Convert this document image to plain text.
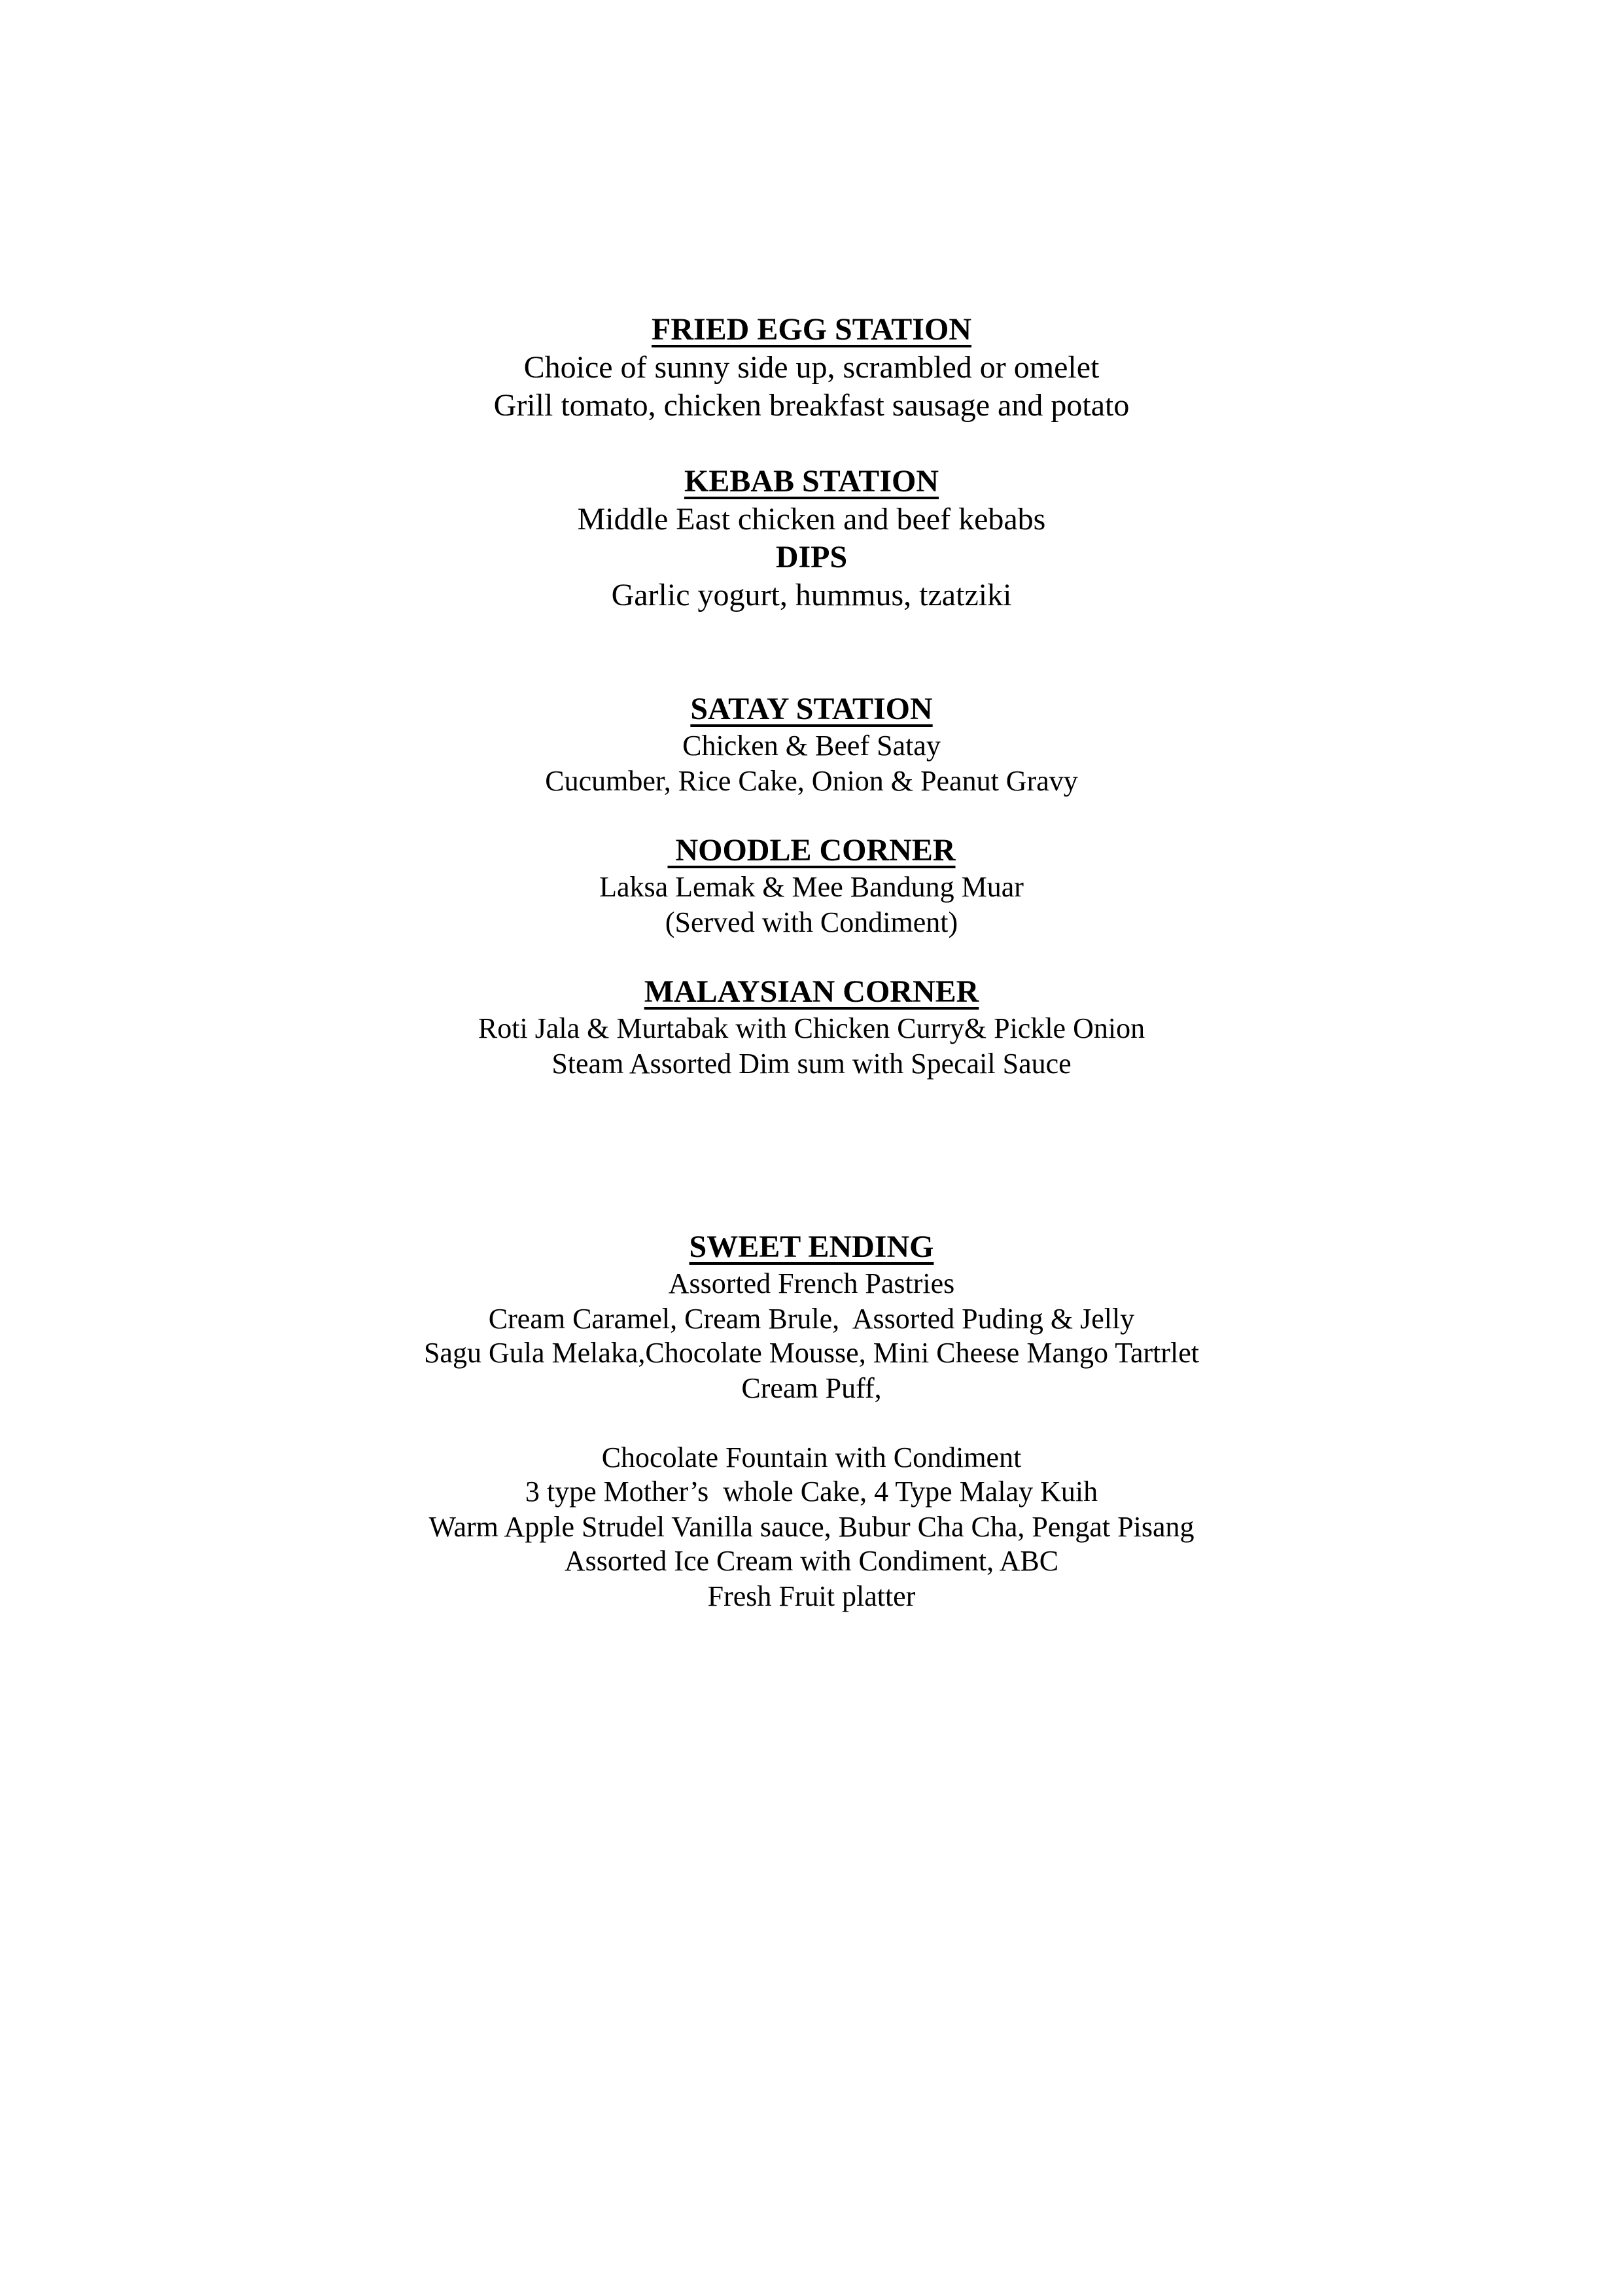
FRIED EGG STATION
Choice of sunny side up, scrambled or omelet
Grill tomato, chicken breakfast sausage and potato
KEBAB STATION
Middle East chicken and beef kebabs
DIPS
Garlic yogurt, hummus, tzatziki
SATAY STATION
Chicken & Beef Satay
Cucumber, Rice Cake, Onion & Peanut Gravy
NOODLE CORNER
Laksa Lemak & Mee Bandung Muar
(Served with Condiment)
MALAYSIAN CORNER
Roti Jala & Murtabak with Chicken Curry& Pickle Onion
Steam Assorted Dim sum with Specail Sauce
SWEET ENDING
Assorted French Pastries
Cream Caramel, Cream Brule,  Assorted Puding & Jelly
Sagu Gula Melaka,Chocolate Mousse, Mini Cheese Mango Tartrlet
Cream Puff,
Chocolate Fountain with Condiment
3 type Mother’s  whole Cake, 4 Type Malay Kuih
Warm Apple Strudel Vanilla sauce, Bubur Cha Cha, Pengat Pisang
Assorted Ice Cream with Condiment, ABC
Fresh Fruit platter
